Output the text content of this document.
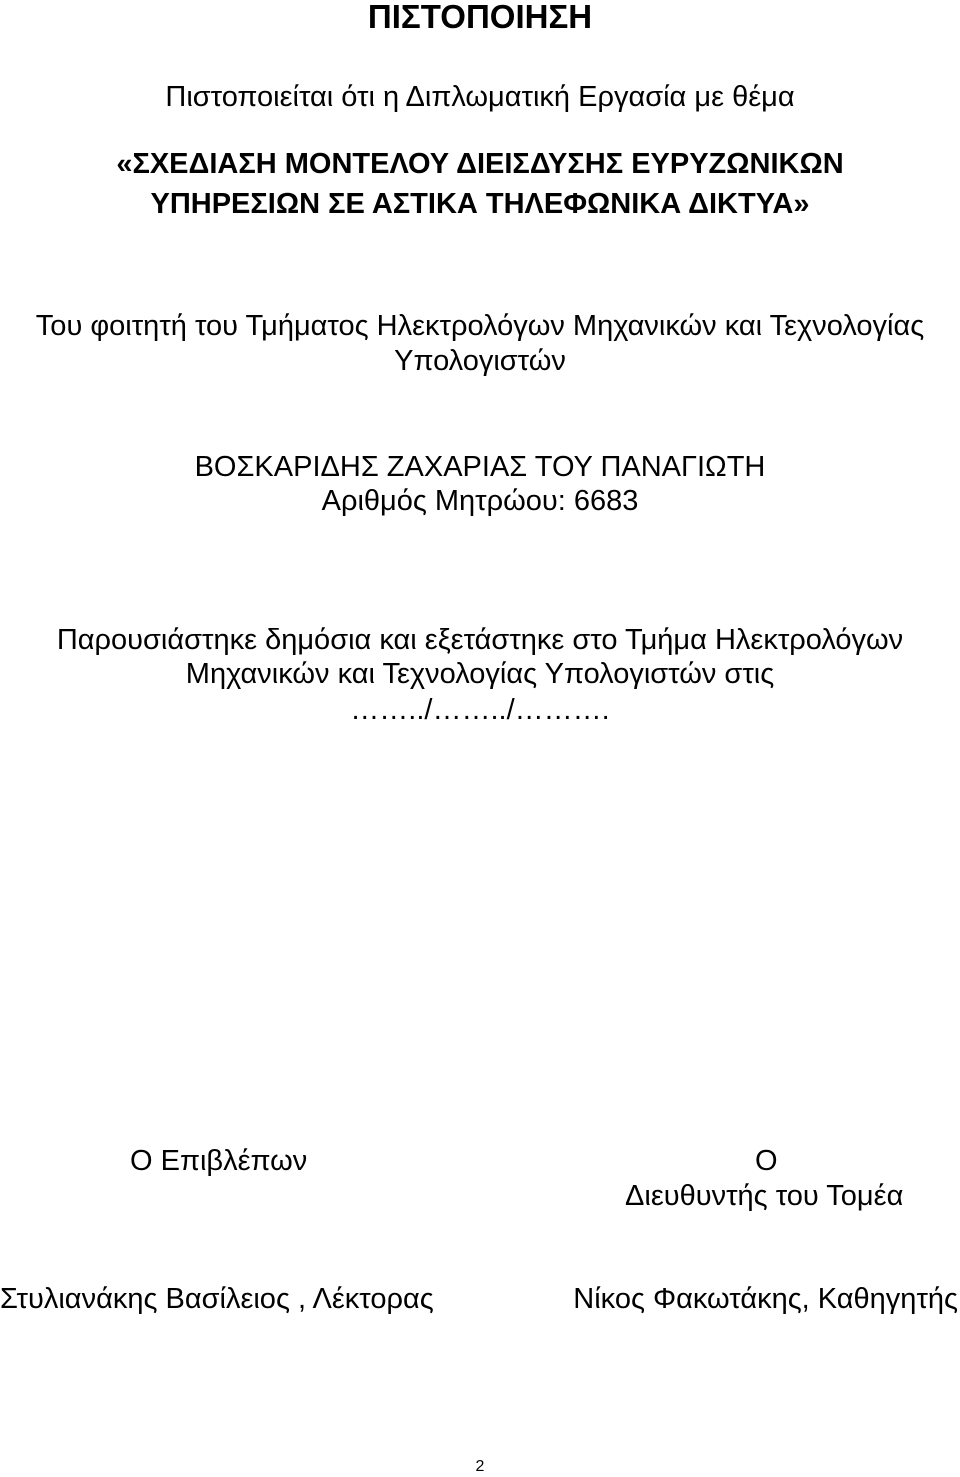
ΠΙΣΤΟΠΟΙΗΣΗ
Πιστοποιείται ότι η Διπλωματική Εργασία με θέμα
«ΣΧΕΔΙΑΣΗ ΜΟΝΤΕΛΟΥ ΔΙΕΙΣΔΥΣΗΣ ΕΥΡΥΖΩΝΙΚΩΝ
ΥΠΗΡΕΣΙΩΝ ΣΕ ΑΣΤΙΚΑ ΤΗΛΕΦΩΝΙΚΑ ΔΙΚΤΥΑ»
Του φοιτητή του Τμήματος Ηλεκτρολόγων Μηχανικών και Τεχνολογίας
Υπολογιστών
ΒΟΣΚΑΡΙΔΗΣ ΖΑΧΑΡΙΑΣ ΤΟΥ ΠΑΝΑΓΙΩΤΗ
Αριθμός Μητρώου: 6683
Παρουσιάστηκε δημόσια και εξετάστηκε στο Τμήμα Ηλεκτρολόγων
Μηχανικών και Τεχνολογίας Υπολογιστών στις
……../……../……….
Ο Επιβλέπων	Ο
Διευθυντής του Τομέα
Στυλιανάκης Βασίλειος , Λέκτορας	Νίκος Φακωτάκης, Καθηγητής
2
